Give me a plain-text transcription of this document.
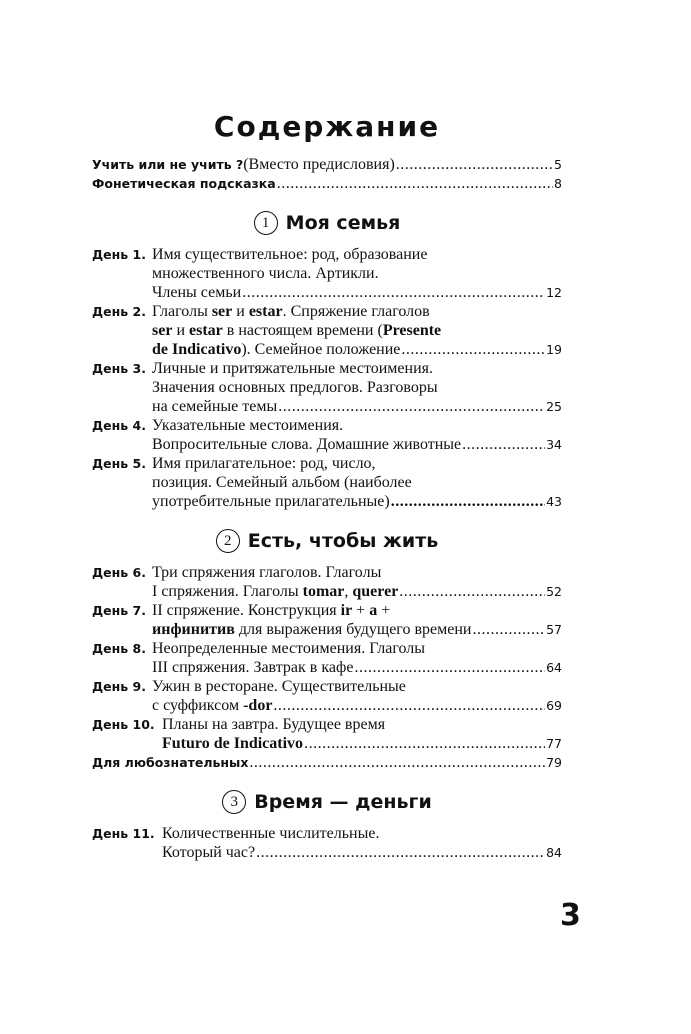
Содержание
Учить или не учить ? (Вместо предисловия) .....	5
Фонетическая подсказка .....	8
1 Моя семья
День 1. Имя существительное: род, образование
множественного числа. Артикли.
Члены семьи .....	12
День 2. Глаголы ser и estar. Спряжение глаголов
ser и estar в настоящем времени (Presente
de Indicativo). Семейное положение .....	19
День 3. Личные и притяжательные местоимения.
Значения основных предлогов. Разговоры
на семейные темы .....	25
День 4. Указательные местоимения.
Вопросительные слова. Домашние животные .....	34
День 5. Имя прилагательное: род, число,
позиция. Семейный альбом (наиболее
употребительные прилагательные) .....	43
2 Есть, чтобы жить
День 6. Три спряжения глаголов. Глаголы
I спряжения. Глаголы tomar, querer .....	52
День 7. II спряжение. Конструкция ir + a +
инфинитив для выражения будущего времени .....	57
День 8. Неопределенные местоимения. Глаголы
III спряжения. Завтрак в кафе .....	64
День 9. Ужин в ресторане. Существительные
с суффиксом -dor .....	69
День 10. Планы на завтра. Будущее время
Futuro de Indicativo .....	77
Для любознательных .....	79
3 Время — деньги
День 11. Количественные числительные.
Который час? .....	84
3
